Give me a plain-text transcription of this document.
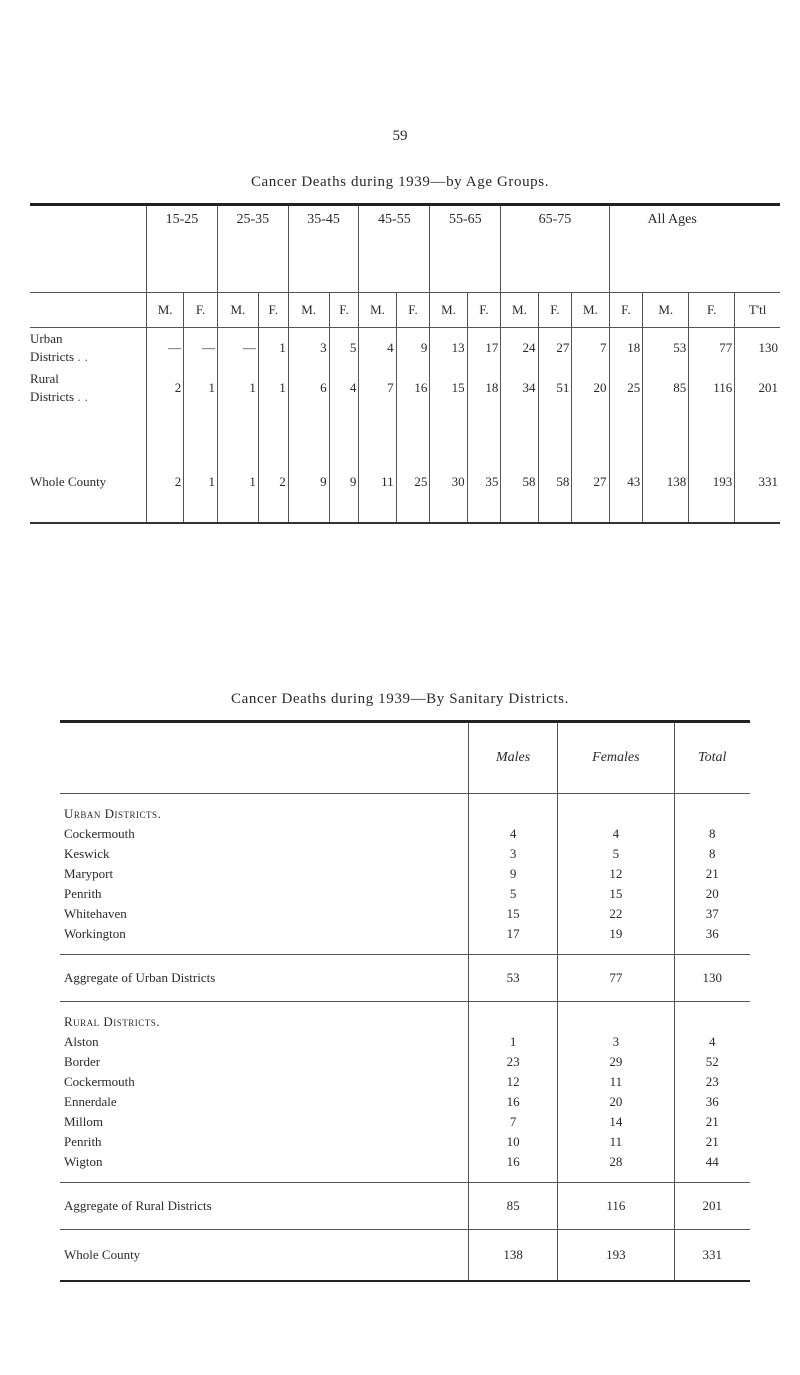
59
Cancer Deaths during 1939—by Age Groups.
	15-25		25-35		35-45		45-55		55-65		65-75			All Ages			
	M.	F.	M.	F.	M.	F.	M.	F.	M.	F.	M.	F.	M.	F.	M.	F.	T'tl
Urban
Districts ..	—	—	—	1	3	5	4	9	13	17	24	27	7	18	53	77	130
Rural
Districts ..	2	1	1	1	6	4	7	16	15	18	34	51	20	25	85	116	201

Whole County	2	1	1	2	9	9	11	25	30	35	58	58	27	43	138	193	331
Cancer Deaths during 1939—By Sanitary Districts.
	Males	Females	Total
Urban Districts.			
Cockermouth	4	4	8
Keswick	3	5	8
Maryport	9	12	21
Penrith	5	15	20
Whitehaven	15	22	37
Workington	17	19	36

Aggregate of Urban Districts	53	77	130
Rural Districts.			
Alston	1	3	4
Border	23	29	52
Cockermouth	12	11	23
Ennerdale	16	20	36
Millom	7	14	21
Penrith	10	11	21
Wigton	16	28	44

Aggregate of Rural Districts	85	116	201
Whole County	138	193	331
